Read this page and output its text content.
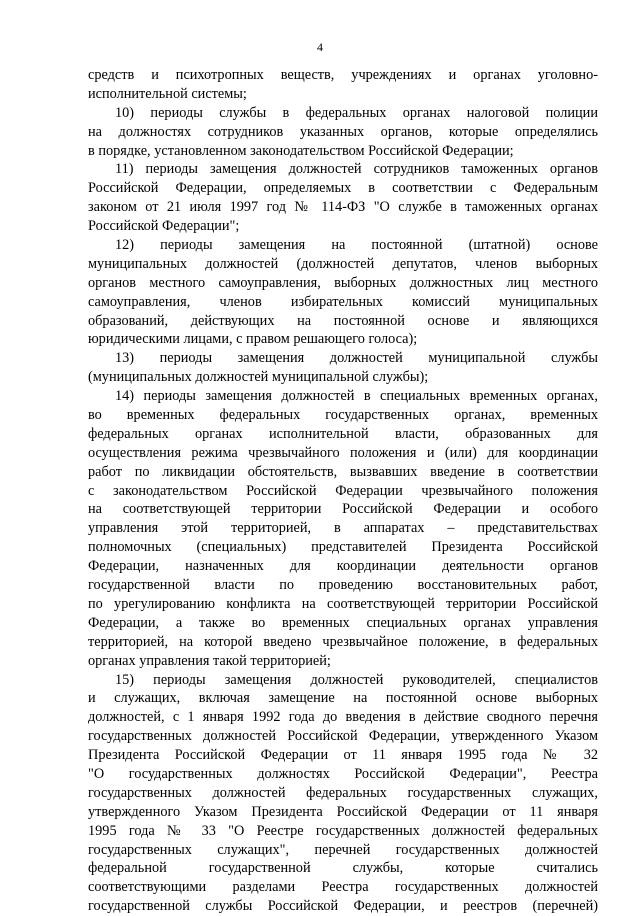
4
средств и психотропных веществ, учреждениях и органах уголовно-
исполнительной системы;
10) периоды службы в федеральных органах налоговой полиции
на должностях сотрудников указанных органов, которые определялись
в порядке, установленном законодательством Российской Федерации;
11) периоды замещения должностей сотрудников таможенных органов
Российской Федерации, определяемых в соответствии с Федеральным
законом от 21 июля 1997 год № 114-ФЗ "О службе в таможенных органах
Российской Федерации";
12) периоды замещения на постоянной (штатной) основе
муниципальных должностей (должностей депутатов, членов выборных
органов местного самоуправления, выборных должностных лиц местного
самоуправления, членов избирательных комиссий муниципальных
образований, действующих на постоянной основе и являющихся
юридическими лицами, с правом решающего голоса);
13) периоды замещения должностей муниципальной службы
(муниципальных должностей муниципальной службы);
14) периоды замещения должностей в специальных временных органах,
во временных федеральных государственных органах, временных
федеральных органах исполнительной власти, образованных для
осуществления режима чрезвычайного положения и (или) для координации
работ по ликвидации обстоятельств, вызвавших введение в соответствии
с законодательством Российской Федерации чрезвычайного положения
на соответствующей территории Российской Федерации и особого
управления этой территорией, в аппаратах – представительствах
полномочных (специальных) представителей Президента Российской
Федерации, назначенных для координации деятельности органов
государственной власти по проведению восстановительных работ,
по урегулированию конфликта на соответствующей территории Российской
Федерации, а также во временных специальных органах управления
территорией, на которой введено чрезвычайное положение, в федеральных
органах управления такой территорией;
15) периоды замещения должностей руководителей, специалистов
и служащих, включая замещение на постоянной основе выборных
должностей, с 1 января 1992 года до введения в действие сводного перечня
государственных должностей Российской Федерации, утвержденного Указом
Президента Российской Федерации от 11 января 1995 года № 32
"О государственных должностях Российской Федерации", Реестра
государственных должностей федеральных государственных служащих,
утвержденного Указом Президента Российской Федерации от 11 января
1995 года № 33 "О Реестре государственных должностей федеральных
государственных служащих", перечней государственных должностей
федеральной государственной службы, которые считались
соответствующими разделами Реестра государственных должностей
государственной службы Российской Федерации, и реестров (перечней)
